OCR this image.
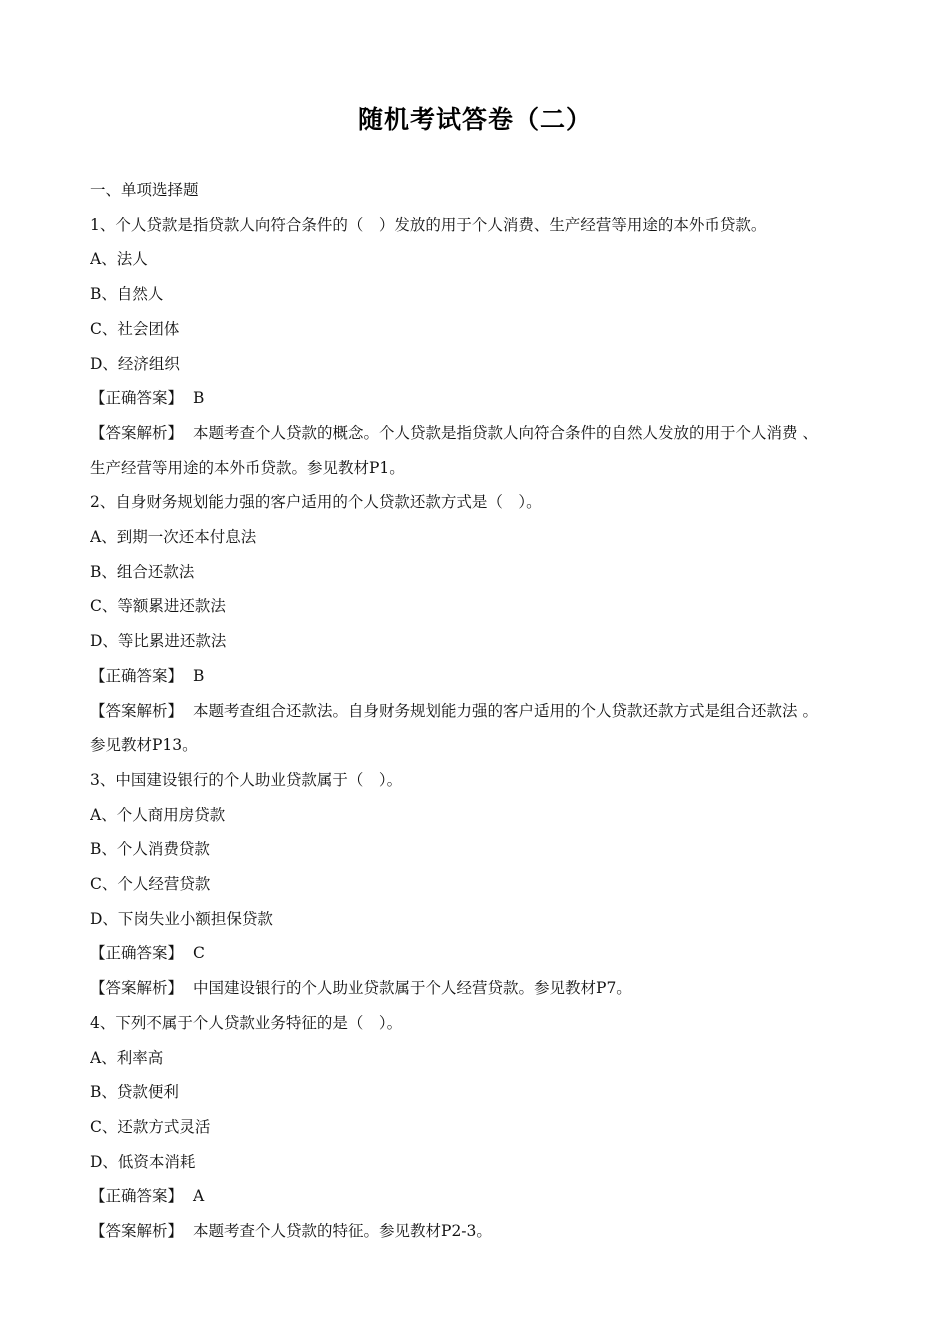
随机考试答卷（二）
一、单项选择题
1、个人贷款是指贷款人向符合条件的（　）发放的用于个人消费、生产经营等用途的本外币贷款。
A、法人
B、自然人
C、社会团体
D、经济组织
【正确答案】 B
【答案解析】 本题考查个人贷款的概念。个人贷款是指贷款人向符合条件的自然人发放的用于个人消费 、
生产经营等用途的本外币贷款。参见教材P1。
2、自身财务规划能力强的客户适用的个人贷款还款方式是（　）。
A、到期一次还本付息法
B、组合还款法
C、等额累进还款法
D、等比累进还款法
【正确答案】 B
【答案解析】 本题考查组合还款法。自身财务规划能力强的客户适用的个人贷款还款方式是组合还款法 。
参见教材P13。
3、中国建设银行的个人助业贷款属于（　）。
A、个人商用房贷款
B、个人消费贷款
C、个人经营贷款
D、下岗失业小额担保贷款
【正确答案】 C
【答案解析】 中国建设银行的个人助业贷款属于个人经营贷款。参见教材P7。
4、下列不属于个人贷款业务特征的是（　）。
A、利率高
B、贷款便利
C、还款方式灵活
D、低资本消耗
【正确答案】 A
【答案解析】 本题考查个人贷款的特征。参见教材P2-3。
